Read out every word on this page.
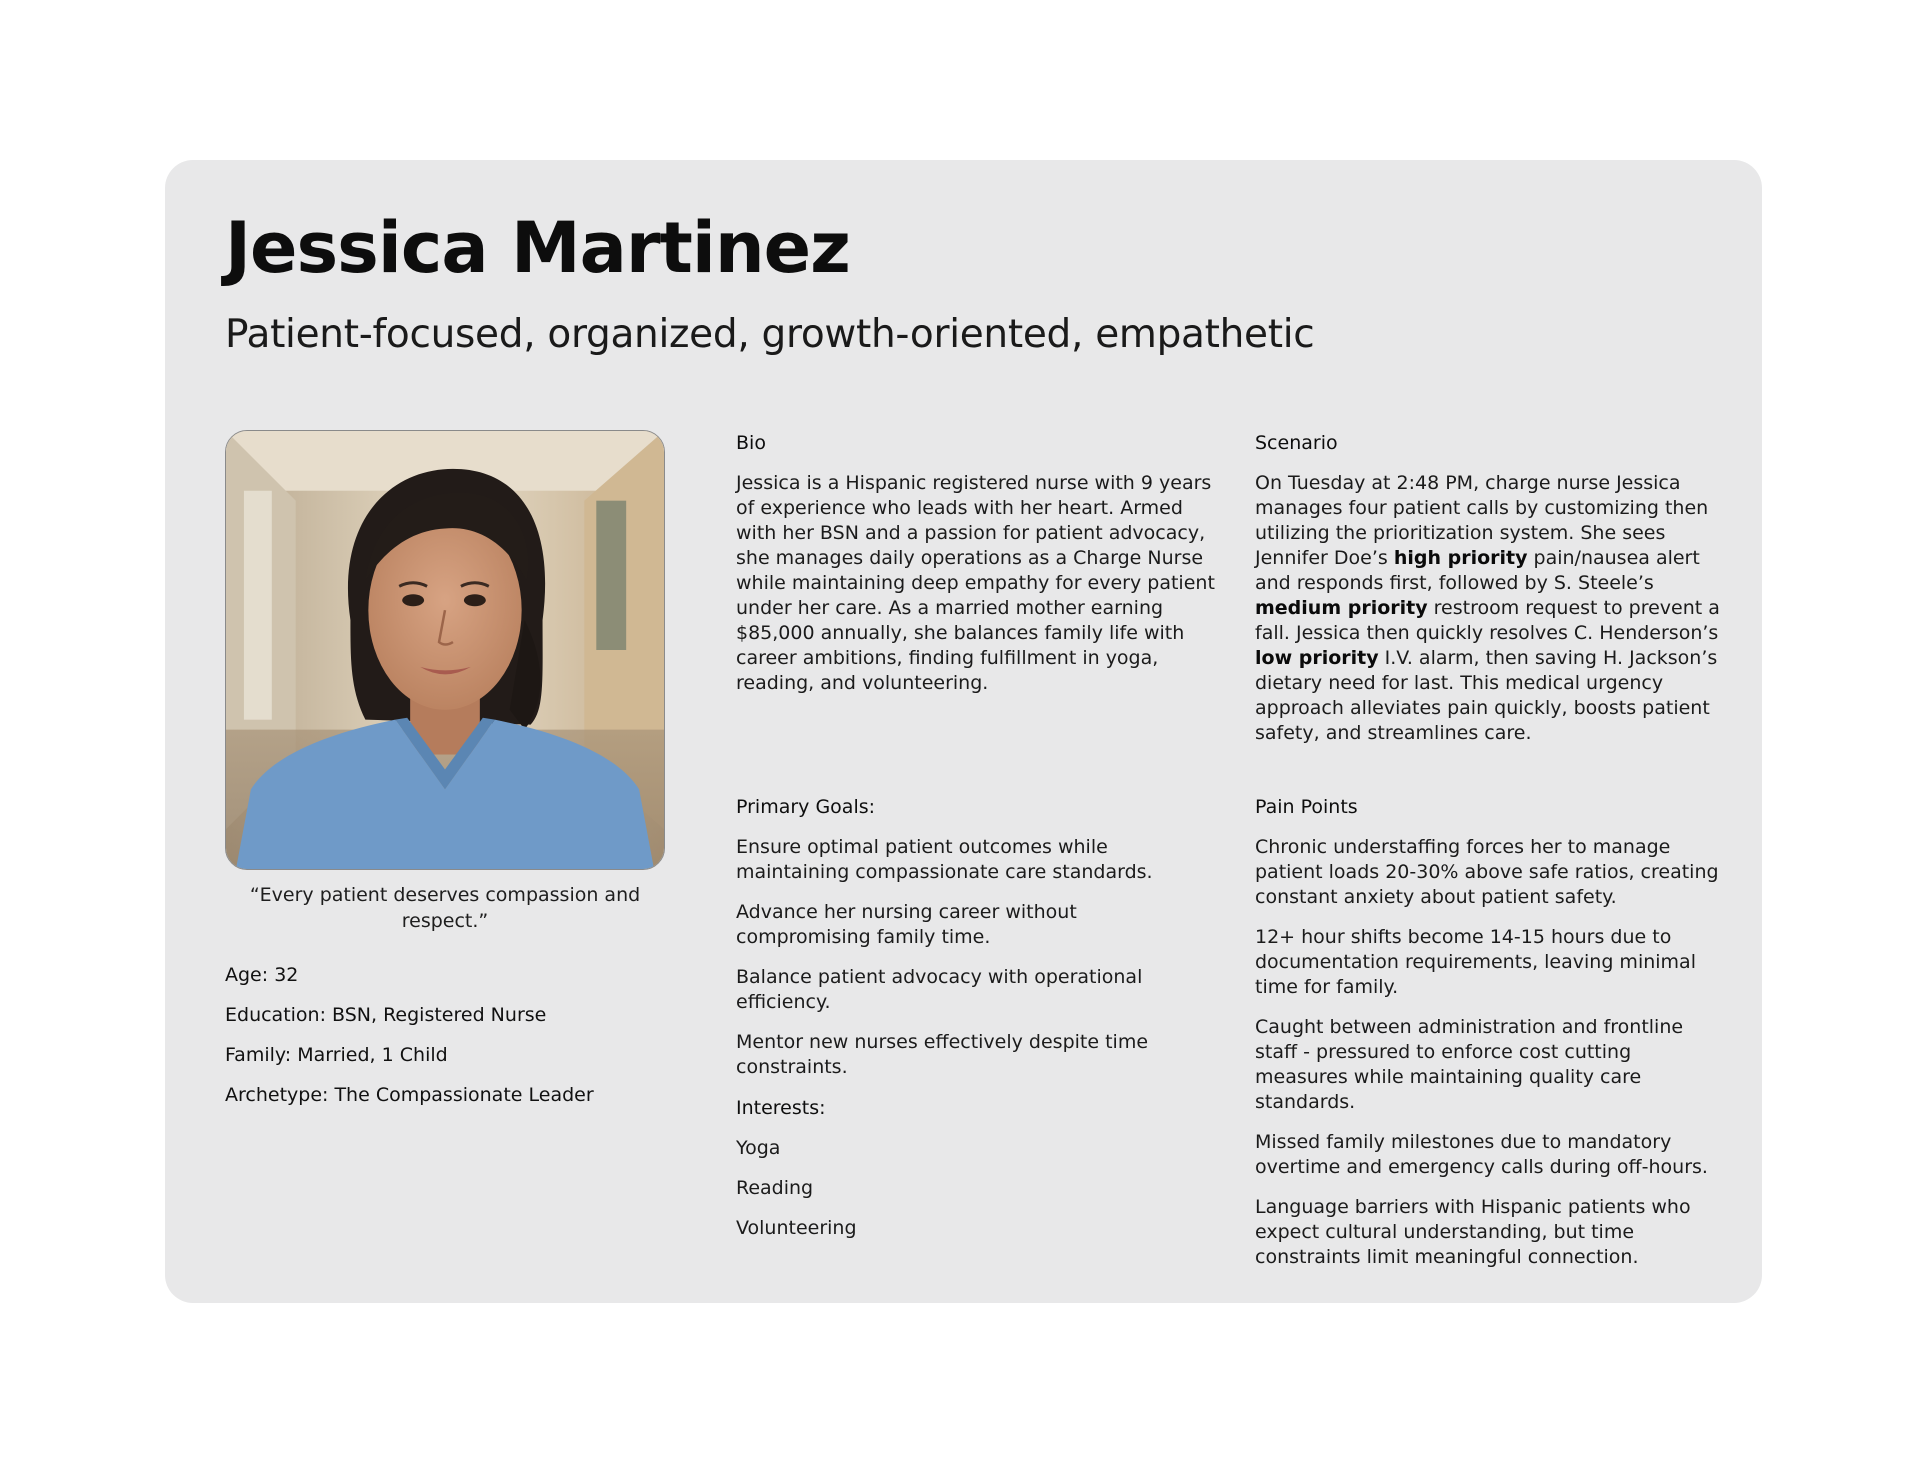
Jessica Martinez
Patient-focused, organized, growth-oriented, empathetic
“Every patient deserves compassion and respect.”
Age: 32
Education: BSN, Registered Nurse
Family: Married, 1 Child
Archetype: The Compassionate Leader
Bio

Jessica is a Hispanic registered nurse with 9 years of experience who leads with her heart. Armed with her BSN and a passion for patient advocacy, she manages daily operations as a Charge Nurse while maintaining deep empathy for every patient under her care. As a married mother earning $85,000 annually, she balances family life with career ambitions, finding fulfillment in yoga, reading, and volunteering.

Scenario

On Tuesday at 2:48 PM, charge nurse Jessica manages four patient calls by customizing then utilizing the prioritization system. She sees Jennifer Doe’s high priority pain/nausea alert and responds first, followed by S. Steele’s medium priority restroom request to prevent a fall. Jessica then quickly resolves C. Henderson’s low priority I.V. alarm, then saving H. Jackson’s dietary need for last. This medical urgency approach alleviates pain quickly, boosts patient safety, and streamlines care.

Primary Goals:

Ensure optimal patient outcomes while maintaining compassionate care standards.

Advance her nursing career without compromising family time.

Balance patient advocacy with operational efficiency.

Mentor new nurses effectively despite time constraints.

Interests:

Yoga

Reading

Volunteering

Pain Points

Chronic understaffing forces her to manage patient loads 20-30% above safe ratios, creating constant anxiety about patient safety.

12+ hour shifts become 14-15 hours due to documentation requirements, leaving minimal time for family.

Caught between administration and frontline staff - pressured to enforce cost cutting measures while maintaining quality care standards.

Missed family milestones due to mandatory overtime and emergency calls during off-hours.

Language barriers with Hispanic patients who expect cultural understanding, but time constraints limit meaningful connection.
